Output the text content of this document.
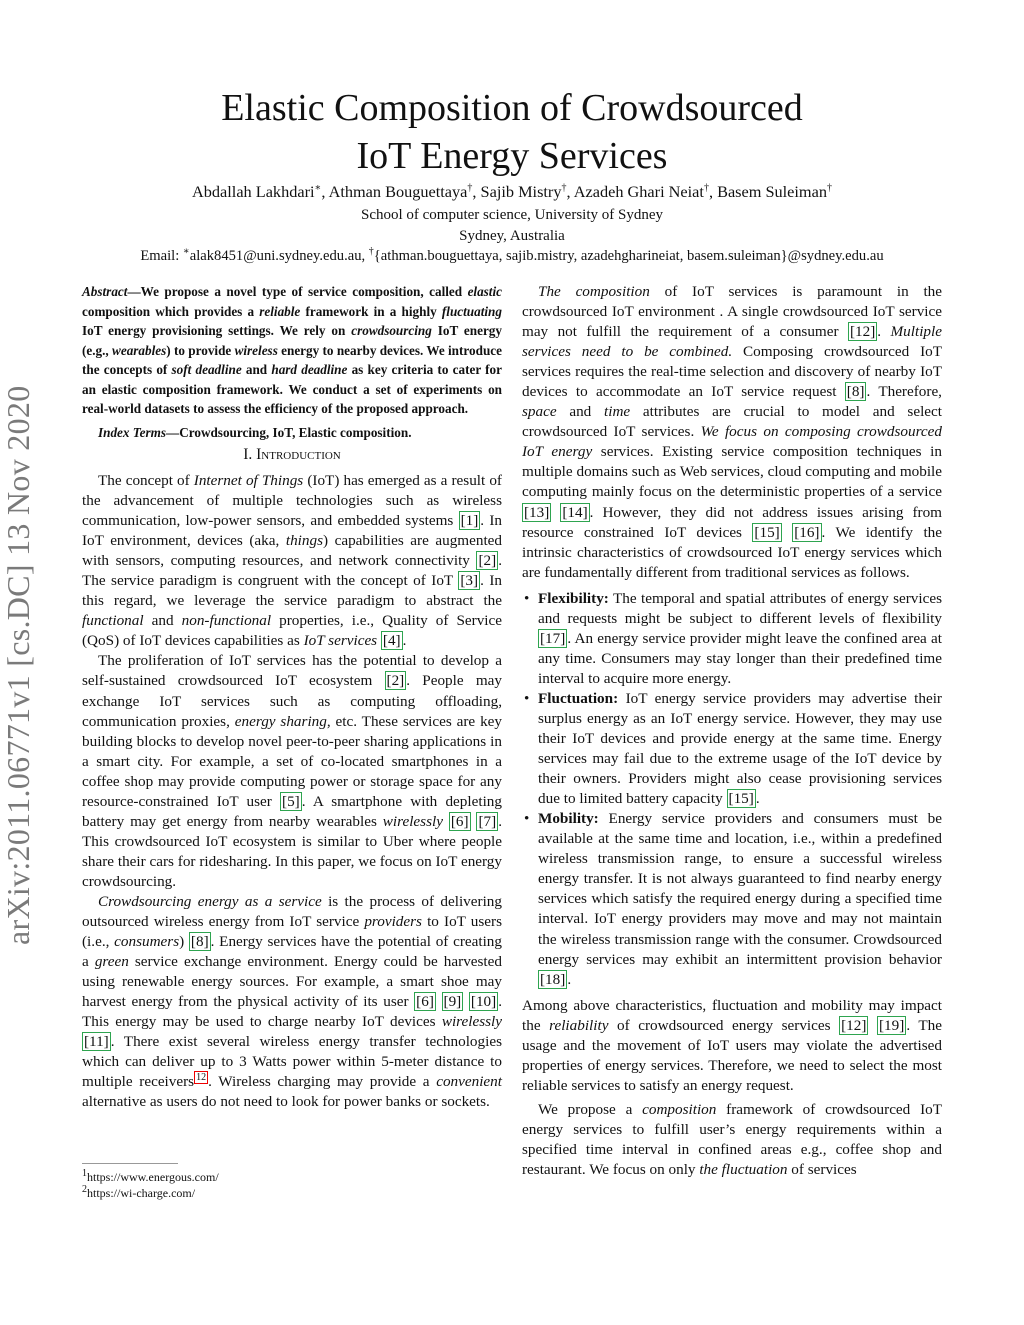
Elastic Composition of Crowdsourced
IoT Energy Services
Abdallah Lakhdari∗, Athman Bouguettaya†, Sajib Mistry†, Azadeh Ghari Neiat†, Basem Suleiman†
School of computer science, University of Sydney
Sydney, Australia
Email: ∗alak8451@uni.sydney.edu.au, †{athman.bouguettaya, sajib.mistry, azadehgharineiat, basem.suleiman}@sydney.edu.au
arXiv:2011.06771v1 [cs.DC] 13 Nov 2020

Abstract—We propose a novel type of service composition, called elastic composition which provides a reliable framework in a highly fluctuating IoT energy provisioning settings. We rely on crowdsourcing IoT energy (e.g., wearables) to provide wireless energy to nearby devices. We introduce the concepts of soft deadline and hard deadline as key criteria to cater for an elastic composition framework. We conduct a set of experiments on real-world datasets to assess the efficiency of the proposed approach.

Index Terms—Crowdsourcing, IoT, Elastic composition.

I. Introduction

The concept of Internet of Things (IoT) has emerged as a result of the advancement of multiple technologies such as wireless communication, low-power sensors, and embedded systems [1] . In IoT environment, devices (aka, things) capabilities are augmented with sensors, computing resources, and network connectivity [2] . The service paradigm is congruent with the concept of IoT [3] . In this regard, we leverage the service paradigm to abstract the functional and non-functional properties, i.e., Quality of Service (QoS) of IoT devices capabilities as IoT services [4] .

The proliferation of IoT services has the potential to develop a self-sustained crowdsourced IoT ecosystem [2] . People may exchange IoT services such as computing offloading, communication proxies, energy sharing, etc. These services are key building blocks to develop novel peer-to-peer sharing applications in a smart city. For example, a set of co-located smartphones in a coffee shop may provide computing power or storage space for any resource-constrained IoT user [5] . A smartphone with depleting battery may get energy from nearby wearables wirelessly [6] [7] . This crowdsourced IoT ecosystem is similar to Uber where people share their cars for ridesharing. In this paper, we focus on IoT energy crowdsourcing.

Crowdsourcing energy as a service is the process of delivering outsourced wireless energy from IoT service providers to IoT users (i.e., consumers) [8] . Energy services have the potential of creating a green service exchange environment. Energy could be harvested using renewable energy sources. For example, a smart shoe may harvest energy from the physical activity of its user [6] [9] [10] . This energy may be used to charge nearby IoT devices wirelessly [11] . There exist several wireless energy transfer technologies which can deliver up to 3 Watts power within 5-meter distance to multiple receivers $^{12}$ . Wireless charging may provide a convenient alternative as users do not need to look for power banks or sockets.

$^1$https://www.energous.com/
$^2$https://wi-charge.com/

The composition of IoT services is paramount in the crowdsourced IoT environment . A single crowdsourced IoT service may not fulfill the requirement of a consumer [12] . Multiple services need to be combined. Composing crowdsourced IoT services requires the real-time selection and discovery of nearby IoT devices to accommodate an IoT service request [8] . Therefore, space and time attributes are crucial to model and select crowdsourced IoT services. We focus on composing crowdsourced IoT energy services. Existing service composition techniques in multiple domains such as Web services, cloud computing and mobile computing mainly focus on the deterministic properties of a service [13] [14] . However, they did not address issues arising from resource constrained IoT devices [15] [16] . We identify the intrinsic characteristics of crowdsourced IoT energy services which are fundamentally different from traditional services as follows.

• Flexibility: The temporal and spatial attributes of energy services and requests might be subject to different levels of flexibility [17] . An energy service provider might leave the confined area at any time. Consumers may stay longer than their predefined time interval to acquire more energy.
• Fluctuation: IoT energy service providers may advertise their surplus energy as an IoT energy service. However, they may use their IoT devices and provide energy at the same time. Energy services may fail due to the extreme usage of the IoT device by their owners. Providers might also cease provisioning services due to limited battery capacity [15] .
• Mobility: Energy service providers and consumers must be available at the same time and location, i.e., within a predefined wireless transmission range, to ensure a successful wireless energy transfer. It is not always guaranteed to find nearby energy services which satisfy the required energy during a specified time interval. IoT energy providers may move and may not maintain the wireless transmission range with the consumer. Crowdsourced energy services may exhibit an intermittent provision behavior [18] .

Among above characteristics, fluctuation and mobility may impact the reliability of crowdsourced energy services [12] [19] . The usage and the movement of IoT users may violate the advertised properties of energy services. Therefore, we need to select the most reliable services to satisfy an energy request.

We propose a composition framework of crowdsourced IoT energy services to fulfill user’s energy requirements within a specified time interval in confined areas e.g., coffee shop and restaurant. We focus on only the fluctuation of services
